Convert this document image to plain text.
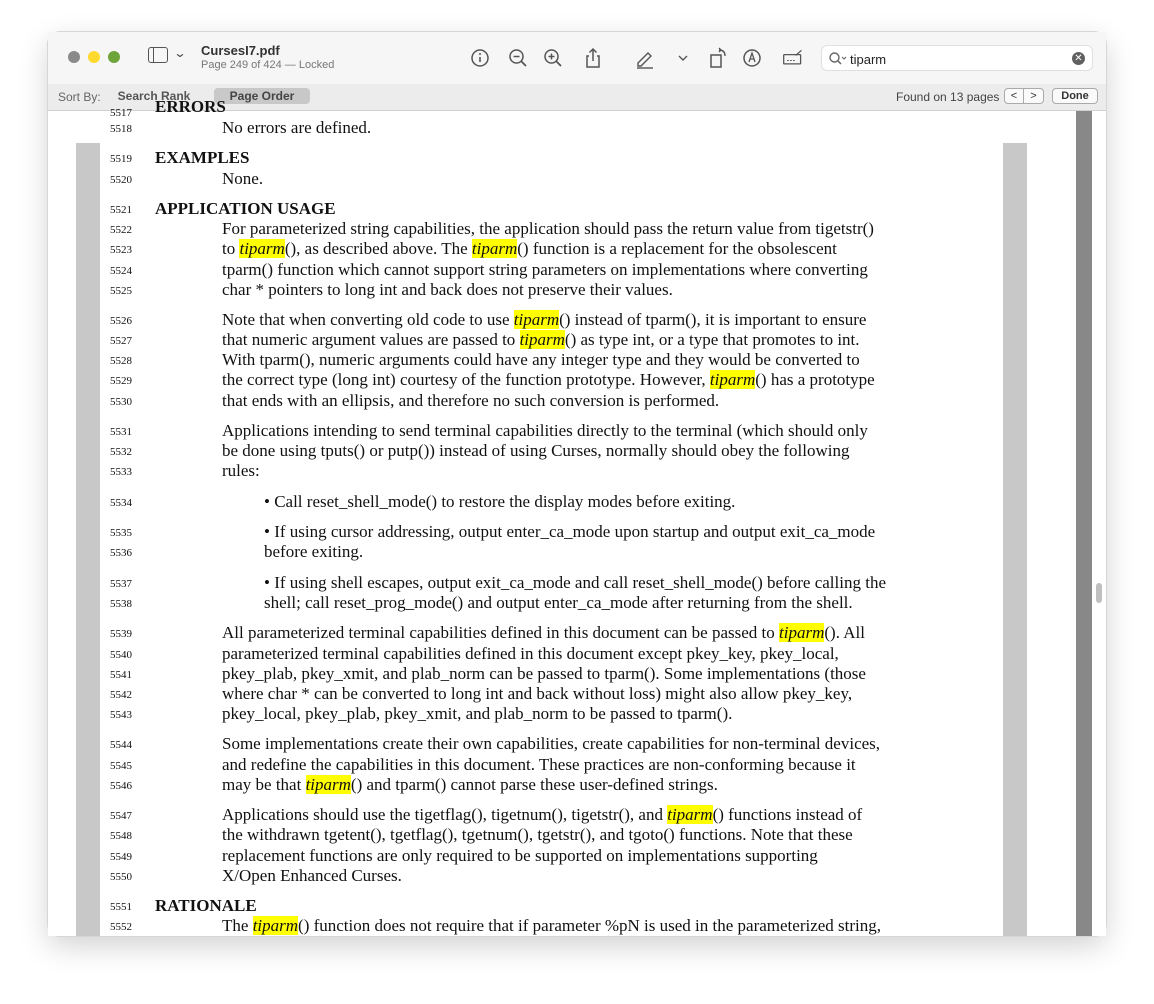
⌄ CursesI7.pdf
Page 249 of 424 — Locked
tiparm
✕
Sort By:	Search Rank	Page Order	Found on 13 pages	<	>	Done
ERRORS
5517
5518	No errors are defined.
5519	EXAMPLES
5520	None.
5521	APPLICATION USAGE
5522	For parameterized string capabilities, the application should pass the return value from tigetstr()
5523	to tiparm(), as described above. The tiparm() function is a replacement for the obsolescent
5524	tparm() function which cannot support string parameters on implementations where converting
5525	char * pointers to long int and back does not preserve their values.
5526	Note that when converting old code to use tiparm() instead of tparm(), it is important to ensure
5527	that numeric argument values are passed to tiparm() as type int, or a type that promotes to int.
5528	With tparm(), numeric arguments could have any integer type and they would be converted to
5529	the correct type (long int) courtesy of the function prototype. However, tiparm() has a prototype
5530	that ends with an ellipsis, and therefore no such conversion is performed.
5531	Applications intending to send terminal capabilities directly to the terminal (which should only
5532	be done using tputs() or putp()) instead of using Curses, normally should obey the following
5533	rules:
5534	• Call reset_shell_mode() to restore the display modes before exiting.
5535	• If using cursor addressing, output enter_ca_mode upon startup and output exit_ca_mode
5536	before exiting.
5537	• If using shell escapes, output exit_ca_mode and call reset_shell_mode() before calling the
5538	shell; call reset_prog_mode() and output enter_ca_mode after returning from the shell.
5539	All parameterized terminal capabilities defined in this document can be passed to tiparm(). All
5540	parameterized terminal capabilities defined in this document except pkey_key, pkey_local,
5541	pkey_plab, pkey_xmit, and plab_norm can be passed to tparm(). Some implementations (those
5542	where char * can be converted to long int and back without loss) might also allow pkey_key,
5543	pkey_local, pkey_plab, pkey_xmit, and plab_norm to be passed to tparm().
5544	Some implementations create their own capabilities, create capabilities for non-terminal devices,
5545	and redefine the capabilities in this document. These practices are non-conforming because it
5546	may be that tiparm() and tparm() cannot parse these user-defined strings.
5547	Applications should use the tigetflag(), tigetnum(), tigetstr(), and tiparm() functions instead of
5548	the withdrawn tgetent(), tgetflag(), tgetnum(), tgetstr(), and tgoto() functions. Note that these
5549	replacement functions are only required to be supported on implementations supporting
5550	X/Open Enhanced Curses.
5551	RATIONALE
5552	The tiparm() function does not require that if parameter %pN is used in the parameterized string,
